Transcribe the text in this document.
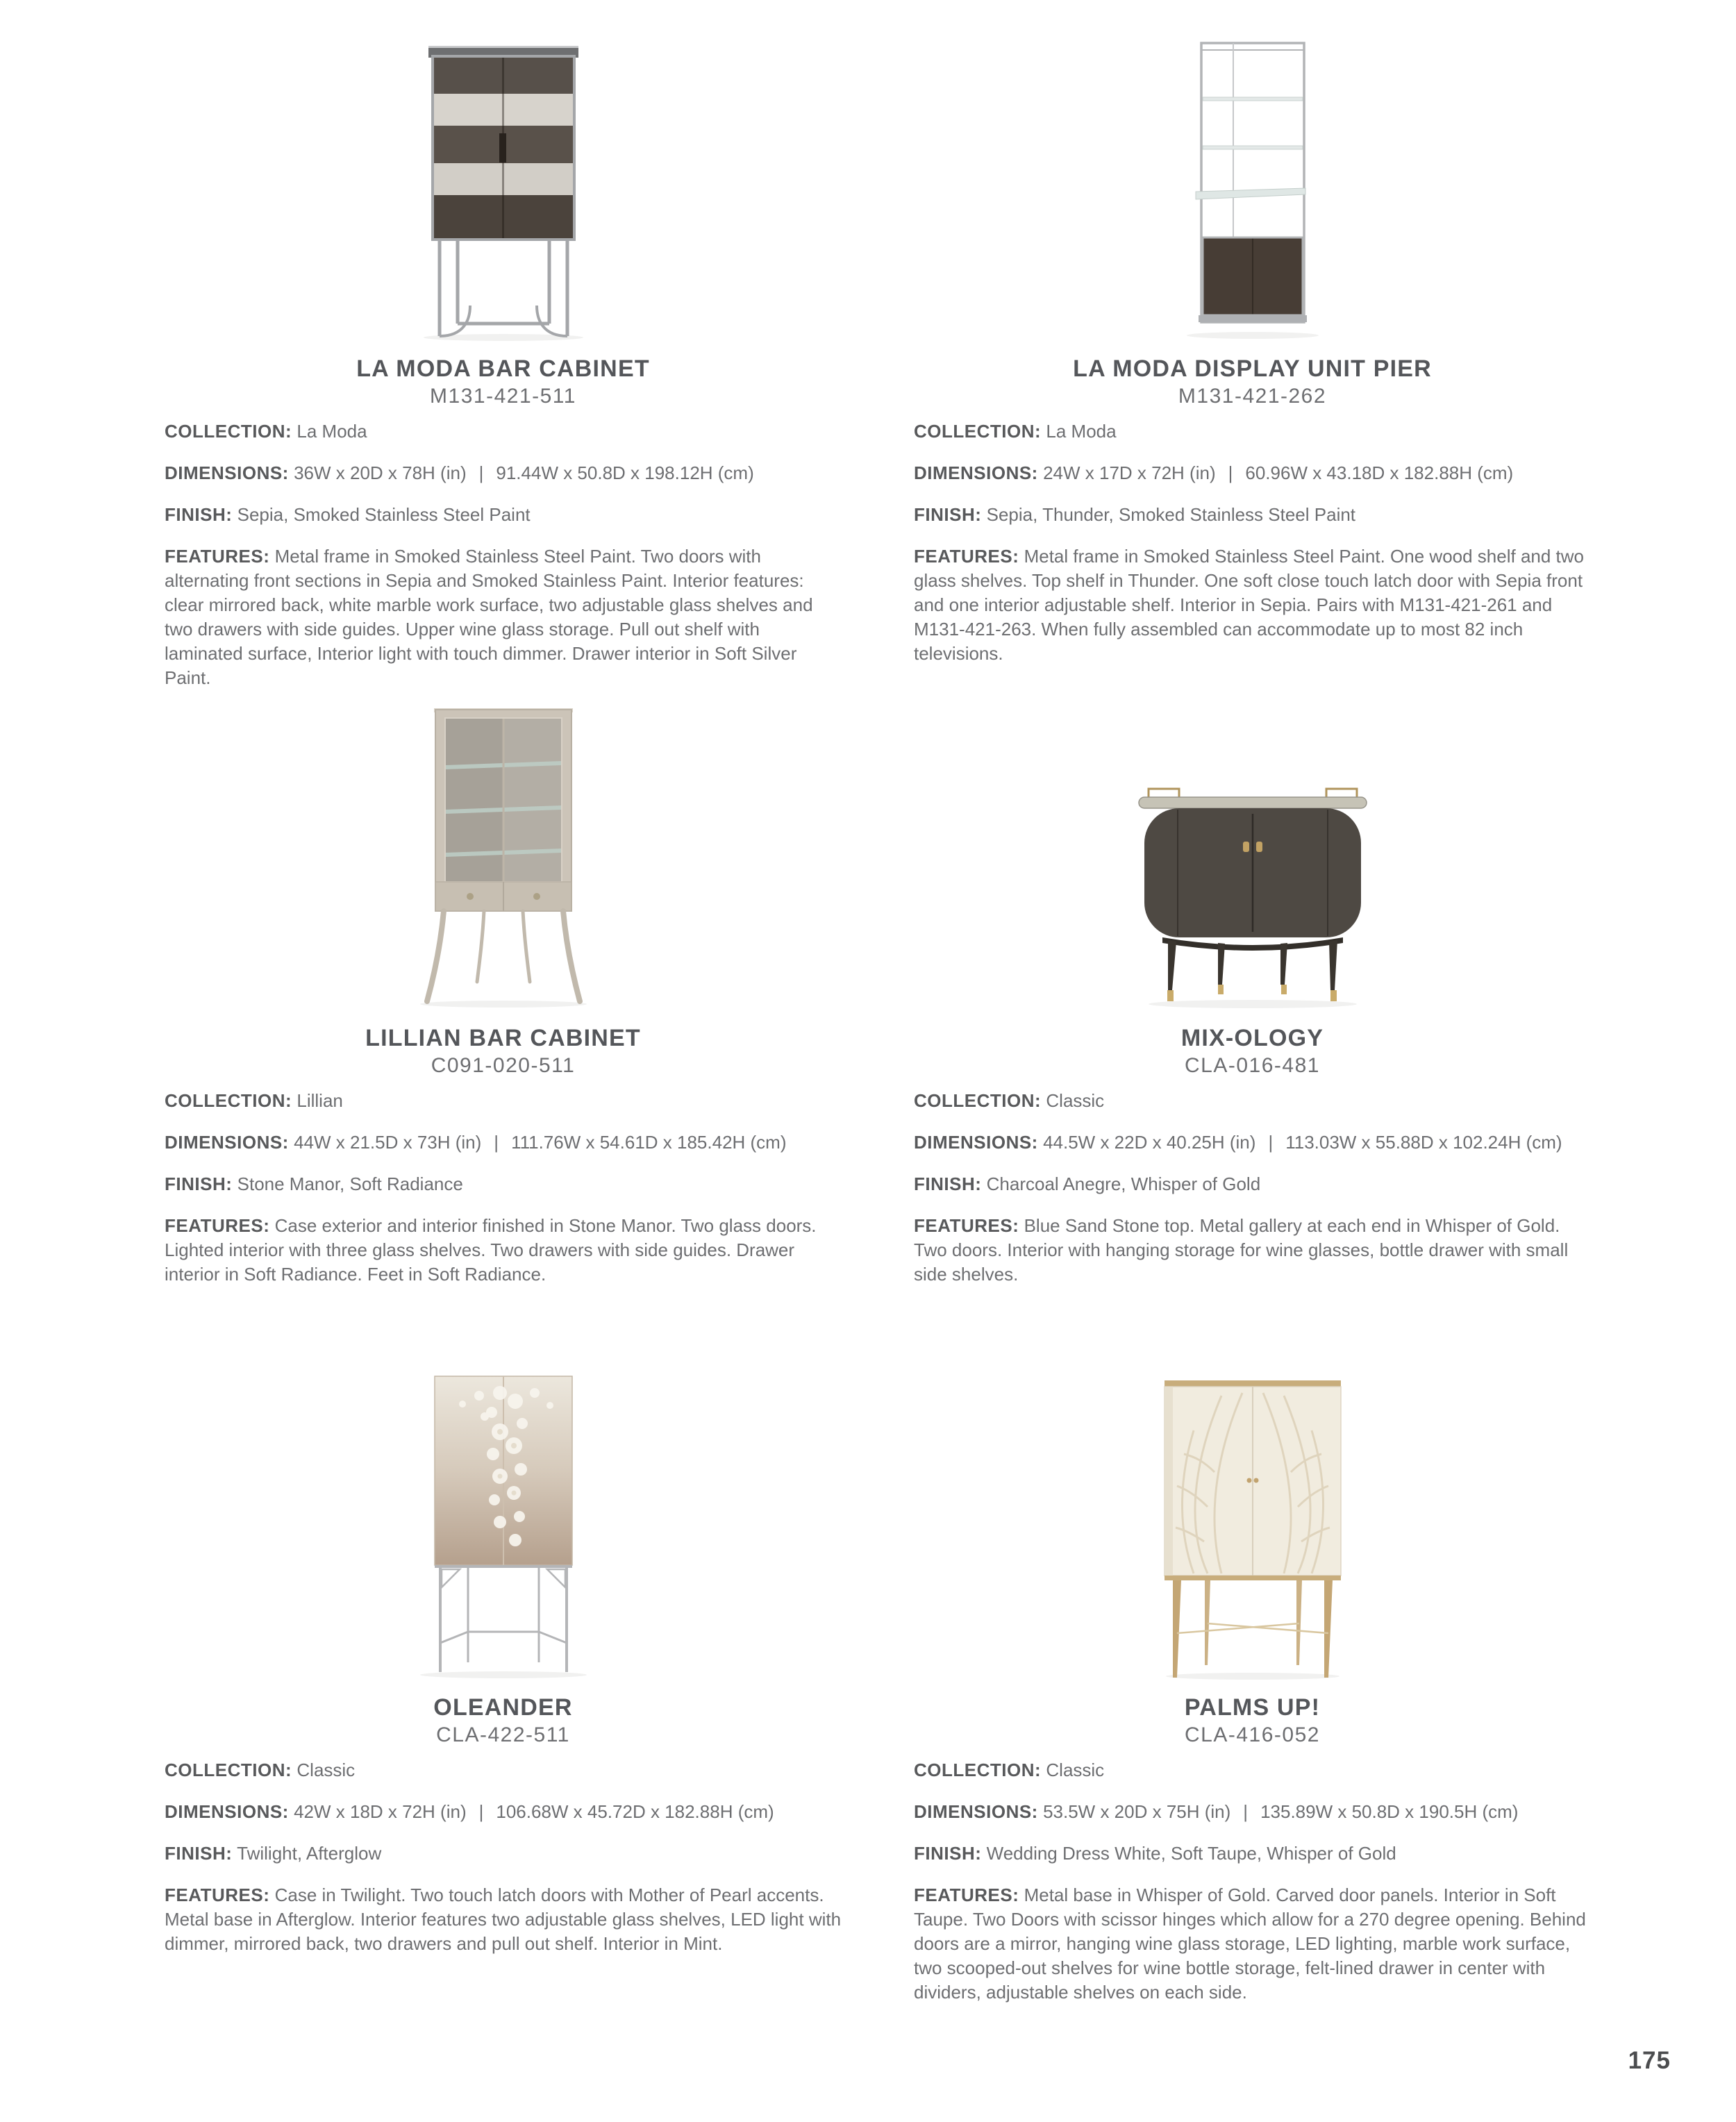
LA MODA BAR CABINET
M131-421-511
COLLECTION: La Moda
DIMENSIONS: 36W x 20D x 78H (in) | 91.44W x 50.8D x 198.12H (cm)
FINISH: Sepia, Smoked Stainless Steel Paint

FEATURES: Metal frame in Smoked Stainless Steel Paint. Two doors with alternating front sections in Sepia and Smoked Stainless Paint. Interior features: clear mirrored back, white marble work surface, two adjustable glass shelves and two drawers with side guides. Upper wine glass storage. Pull out shelf with laminated surface, Interior light with touch dimmer. Drawer interior in Soft Silver Paint.

LA MODA DISPLAY UNIT PIER
M131-421-262
COLLECTION: La Moda
DIMENSIONS: 24W x 17D x 72H (in) | 60.96W x 43.18D x 182.88H (cm)
FINISH: Sepia, Thunder, Smoked Stainless Steel Paint

FEATURES: Metal frame in Smoked Stainless Steel Paint. One wood shelf and two glass shelves. Top shelf in Thunder. One soft close touch latch door with Sepia front and one interior adjustable shelf. Interior in Sepia. Pairs with M131-421-261 and M131-421-263. When fully assembled can accommodate up to most 82 inch televisions.

LILLIAN BAR CABINET
C091-020-511
COLLECTION: Lillian
DIMENSIONS: 44W x 21.5D x 73H (in) | 111.76W x 54.61D x 185.42H (cm)
FINISH: Stone Manor, Soft Radiance

FEATURES: Case exterior and interior finished in Stone Manor. Two glass doors. Lighted interior with three glass shelves. Two drawers with side guides. Drawer interior in Soft Radiance. Feet in Soft Radiance.

MIX-OLOGY
CLA-016-481
COLLECTION: Classic
DIMENSIONS: 44.5W x 22D x 40.25H (in) | 113.03W x 55.88D x 102.24H (cm)
FINISH: Charcoal Anegre, Whisper of Gold

FEATURES: Blue Sand Stone top. Metal gallery at each end in Whisper of Gold. Two doors. Interior with hanging storage for wine glasses, bottle drawer with small side shelves.

OLEANDER
CLA-422-511
COLLECTION: Classic
DIMENSIONS: 42W x 18D x 72H (in) | 106.68W x 45.72D x 182.88H (cm)
FINISH: Twilight, Afterglow

FEATURES: Case in Twilight. Two touch latch doors with Mother of Pearl accents. Metal base in Afterglow. Interior features two adjustable glass shelves, LED light with dimmer, mirrored back, two drawers and pull out shelf. Interior in Mint.

PALMS UP!
CLA-416-052
COLLECTION: Classic
DIMENSIONS: 53.5W x 20D x 75H (in) | 135.89W x 50.8D x 190.5H (cm)
FINISH: Wedding Dress White, Soft Taupe, Whisper of Gold

FEATURES: Metal base in Whisper of Gold. Carved door panels. Interior in Soft Taupe. Two Doors with scissor hinges which allow for a 270 degree opening. Behind doors are a mirror, hanging wine glass storage, LED lighting, marble work surface, two scooped-out shelves for wine bottle storage, felt-lined drawer in center with dividers, adjustable shelves on each side.

175
